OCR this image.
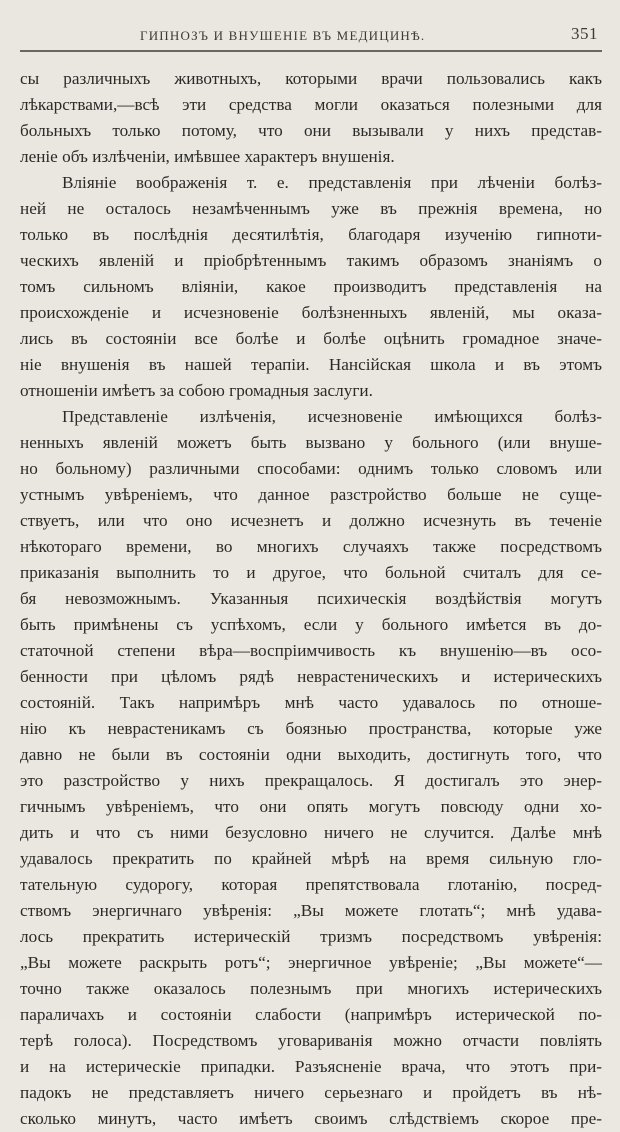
ГИПНОЗЪ И ВНУШЕНІЕ ВЪ МЕДИЦИНѢ.	351
сы различныхъ животныхъ, которыми врачи пользовались какъ
лѣкарствами,—всѣ эти средства могли оказаться полезными для
больныхъ только потому, что они вызывали у нихъ представ-
леніе объ излѣченіи, имѣвшее характеръ внушенія.
Вліяніе воображенія т. е. представленія при лѣченіи болѣз-
ней не осталось незамѣченнымъ уже въ прежнія времена, но
только въ послѣднія десятилѣтія, благодаря изученію гипноти-
ческихъ явленій и пріобрѣтеннымъ такимъ образомъ знаніямъ о
томъ сильномъ вліяніи, какое производитъ представленія на
происхожденіе и исчезновеніе болѣзненныхъ явленій, мы оказа-
лись въ состояніи все болѣе и болѣе оцѣнить громадное значе-
ніе внушенія въ нашей терапіи. Нансійская школа и въ этомъ
отношеніи имѣетъ за собою громадныя заслуги.
Представленіе излѣченія, исчезновеніе имѣющихся болѣз-
ненныхъ явленій можетъ быть вызвано у больного (или внуше-
но больному) различными способами: однимъ только словомъ или
устнымъ увѣреніемъ, что данное разстройство больше не суще-
ствуетъ, или что оно исчезнетъ и должно исчезнуть въ теченіе
нѣкотораго времени, во многихъ случаяхъ также посредствомъ
приказанія выполнить то и другое, что больной считалъ для се-
бя невозможнымъ. Указанныя психическія воздѣйствія могутъ
быть примѣнены съ успѣхомъ, если у больного имѣется въ до-
статочной степени вѣра—воспріимчивость къ внушенію—въ осо-
бенности при цѣломъ рядѣ неврастеническихъ и истерическихъ
состояній. Такъ напримѣръ мнѣ часто удавалось по отноше-
нію къ неврастеникамъ съ боязнью пространства, которые уже
давно не были въ состояніи одни выходить, достигнуть того, что
это разстройство у нихъ прекращалось. Я достигалъ это энер-
гичнымъ увѣреніемъ, что они опять могутъ повсюду одни хо-
дить и что съ ними безусловно ничего не случится. Далѣе мнѣ
удавалось прекратить по крайней мѣрѣ на время сильную гло-
тательную судорогу, которая препятствовала глотанію, посред-
ствомъ энергичнаго увѣренія: „Вы можете глотать“; мнѣ удава-
лось прекратить истерическій тризмъ посредствомъ увѣренія:
„Вы можете раскрыть ротъ“; энергичное увѣреніе; „Вы можете“—
точно также оказалось полезнымъ при многихъ истерическихъ
параличахъ и состояніи слабости (напримѣръ истерической по-
терѣ голоса). Посредствомъ уговариванія можно отчасти повліять
и на истерическіе припадки. Разъясненіе врача, что этотъ при-
падокъ не представляетъ ничего серьезнаго и пройдетъ въ нѣ-
сколько минутъ, часто имѣетъ своимъ слѣдствіемъ скорое пре-
